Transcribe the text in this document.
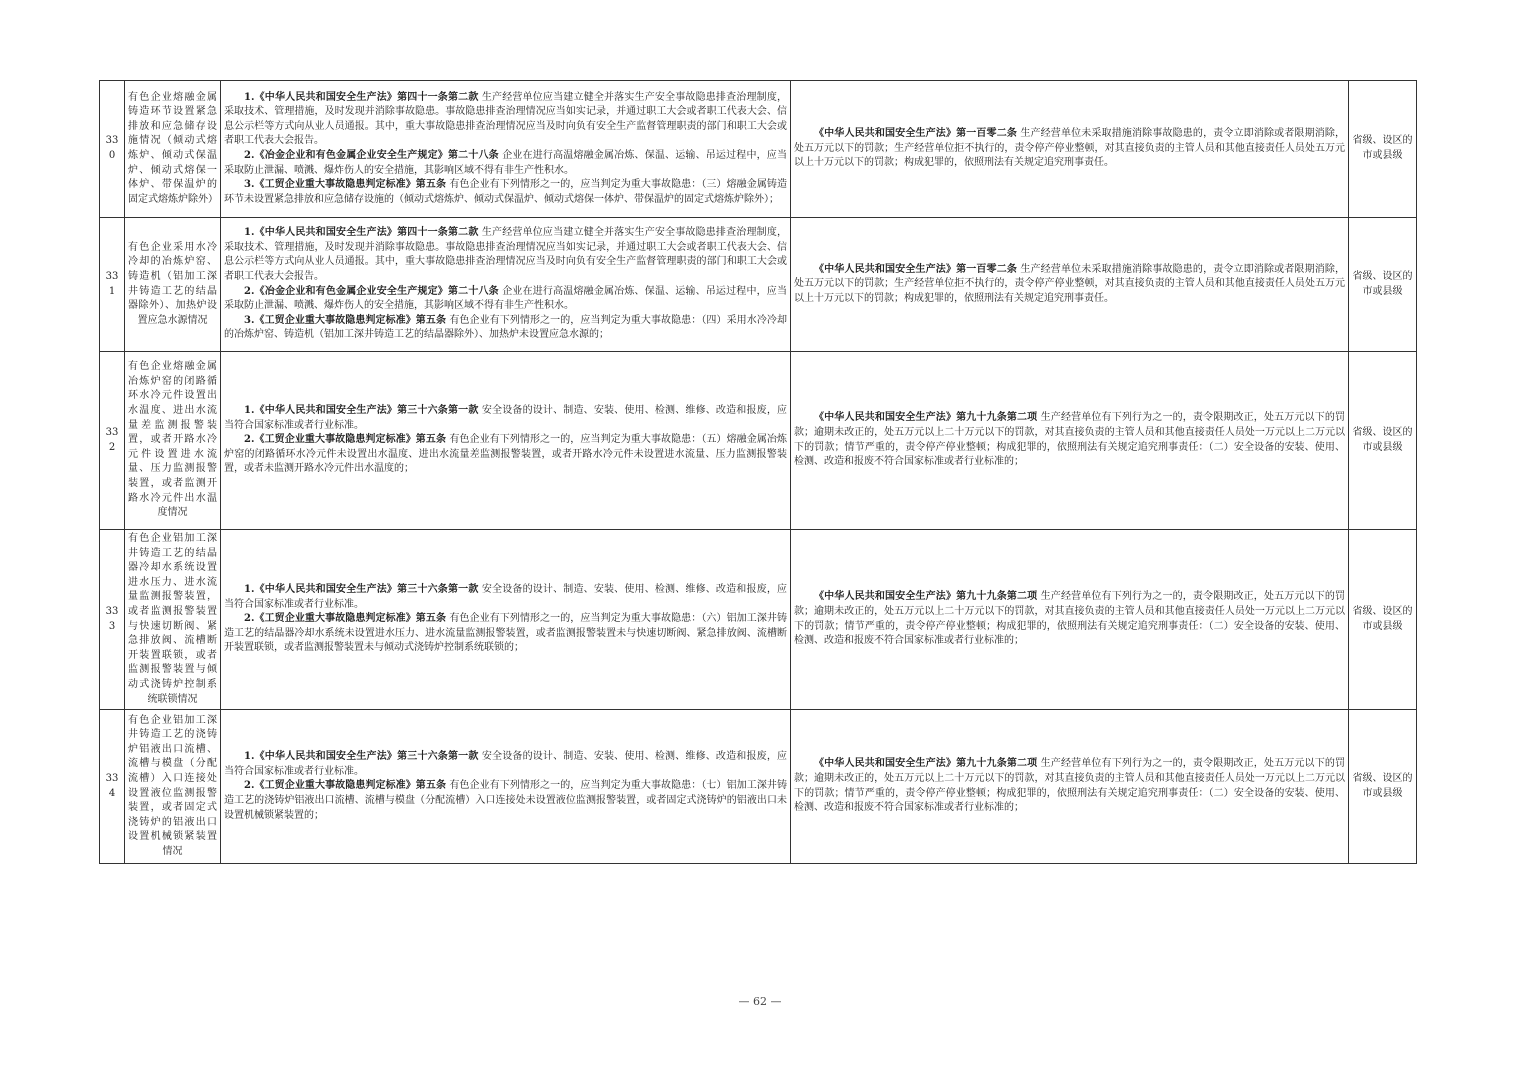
330	有色企业熔融金属铸造环节设置紧急排放和应急储存设施情况（倾动式熔炼炉、倾动式保温炉、倾动式熔保一体炉、带保温炉的固定式熔炼炉除外）	1.《中华人民共和国安全生产法》第四十一条第二款 生产经营单位应当建立健全并落实生产安全事故隐患排查治理制度，采取技术、管理措施，及时发现并消除事故隐患。事故隐患排查治理情况应当如实记录，并通过职工大会或者职工代表大会、信息公示栏等方式向从业人员通报。其中，重大事故隐患排查治理情况应当及时向负有安全生产监督管理职责的部门和职工大会或者职工代表大会报告。

2.《冶金企业和有色金属企业安全生产规定》第二十八条 企业在进行高温熔融金属冶炼、保温、运输、吊运过程中，应当采取防止泄漏、喷溅、爆炸伤人的安全措施，其影响区域不得有非生产性积水。

3.《工贸企业重大事故隐患判定标准》第五条 有色企业有下列情形之一的，应当判定为重大事故隐患：（三）熔融金属铸造环节未设置紧急排放和应急储存设施的（倾动式熔炼炉、倾动式保温炉、倾动式熔保一体炉、带保温炉的固定式熔炼炉除外）；	《中华人民共和国安全生产法》第一百零二条 生产经营单位未采取措施消除事故隐患的，责令立即消除或者限期消除，处五万元以下的罚款；生产经营单位拒不执行的，责令停产停业整顿，对其直接负责的主管人员和其他直接责任人员处五万元以上十万元以下的罚款；构成犯罪的，依照刑法有关规定追究刑事责任。	省级、设区的市或县级
331	有色企业采用水冷冷却的冶炼炉窑、铸造机（铝加工深井铸造工艺的结晶器除外）、加热炉设置应急水源情况	1.《中华人民共和国安全生产法》第四十一条第二款 生产经营单位应当建立健全并落实生产安全事故隐患排查治理制度，采取技术、管理措施，及时发现并消除事故隐患。事故隐患排查治理情况应当如实记录，并通过职工大会或者职工代表大会、信息公示栏等方式向从业人员通报。其中，重大事故隐患排查治理情况应当及时向负有安全生产监督管理职责的部门和职工大会或者职工代表大会报告。

2.《冶金企业和有色金属企业安全生产规定》第二十八条 企业在进行高温熔融金属冶炼、保温、运输、吊运过程中，应当采取防止泄漏、喷溅、爆炸伤人的安全措施，其影响区域不得有非生产性积水。

3.《工贸企业重大事故隐患判定标准》第五条 有色企业有下列情形之一的，应当判定为重大事故隐患：（四）采用水冷冷却的冶炼炉窑、铸造机（铝加工深井铸造工艺的结晶器除外）、加热炉未设置应急水源的；	《中华人民共和国安全生产法》第一百零二条 生产经营单位未采取措施消除事故隐患的，责令立即消除或者限期消除，处五万元以下的罚款；生产经营单位拒不执行的，责令停产停业整顿，对其直接负责的主管人员和其他直接责任人员处五万元以上十万元以下的罚款；构成犯罪的，依照刑法有关规定追究刑事责任。	省级、设区的市或县级
332	有色企业熔融金属冶炼炉窑的闭路循环水冷元件设置出水温度、进出水流量差监测报警装置，或者开路水冷元件设置进水流量、压力监测报警装置，或者监测开路水冷元件出水温度情况	1.《中华人民共和国安全生产法》第三十六条第一款 安全设备的设计、制造、安装、使用、检测、维修、改造和报废，应当符合国家标准或者行业标准。

2.《工贸企业重大事故隐患判定标准》第五条 有色企业有下列情形之一的，应当判定为重大事故隐患：（五）熔融金属冶炼炉窑的闭路循环水冷元件未设置出水温度、进出水流量差监测报警装置，或者开路水冷元件未设置进水流量、压力监测报警装置，或者未监测开路水冷元件出水温度的；	《中华人民共和国安全生产法》第九十九条第二项 生产经营单位有下列行为之一的，责令限期改正，处五万元以下的罚款；逾期未改正的，处五万元以上二十万元以下的罚款，对其直接负责的主管人员和其他直接责任人员处一万元以上二万元以下的罚款；情节严重的，责令停产停业整顿；构成犯罪的，依照刑法有关规定追究刑事责任：（二）安全设备的安装、使用、检测、改造和报废不符合国家标准或者行业标准的；	省级、设区的市或县级
333	有色企业铝加工深井铸造工艺的结晶器冷却水系统设置进水压力、进水流量监测报警装置，或者监测报警装置与快速切断阀、紧急排放阀、流槽断开装置联锁，或者监测报警装置与倾动式浇铸炉控制系统联锁情况	1.《中华人民共和国安全生产法》第三十六条第一款 安全设备的设计、制造、安装、使用、检测、维修、改造和报废，应当符合国家标准或者行业标准。

2.《工贸企业重大事故隐患判定标准》第五条 有色企业有下列情形之一的，应当判定为重大事故隐患：（六）铝加工深井铸造工艺的结晶器冷却水系统未设置进水压力、进水流量监测报警装置，或者监测报警装置未与快速切断阀、紧急排放阀、流槽断开装置联锁，或者监测报警装置未与倾动式浇铸炉控制系统联锁的；	《中华人民共和国安全生产法》第九十九条第二项 生产经营单位有下列行为之一的，责令限期改正，处五万元以下的罚款；逾期未改正的，处五万元以上二十万元以下的罚款，对其直接负责的主管人员和其他直接责任人员处一万元以上二万元以下的罚款；情节严重的，责令停产停业整顿；构成犯罪的，依照刑法有关规定追究刑事责任：（二）安全设备的安装、使用、检测、改造和报废不符合国家标准或者行业标准的；	省级、设区的市或县级
334	有色企业铝加工深井铸造工艺的浇铸炉铝液出口流槽、流槽与模盘（分配流槽）入口连接处设置液位监测报警装置，或者固定式浇铸炉的铝液出口设置机械锁紧装置情况	1.《中华人民共和国安全生产法》第三十六条第一款 安全设备的设计、制造、安装、使用、检测、维修、改造和报废，应当符合国家标准或者行业标准。

2.《工贸企业重大事故隐患判定标准》第五条 有色企业有下列情形之一的，应当判定为重大事故隐患：（七）铝加工深井铸造工艺的浇铸炉铝液出口流槽、流槽与模盘（分配流槽）入口连接处未设置液位监测报警装置，或者固定式浇铸炉的铝液出口未设置机械锁紧装置的；	《中华人民共和国安全生产法》第九十九条第二项 生产经营单位有下列行为之一的，责令限期改正，处五万元以下的罚款；逾期未改正的，处五万元以上二十万元以下的罚款，对其直接负责的主管人员和其他直接责任人员处一万元以上二万元以下的罚款；情节严重的，责令停产停业整顿；构成犯罪的，依照刑法有关规定追究刑事责任：（二）安全设备的安装、使用、检测、改造和报废不符合国家标准或者行业标准的；	省级、设区的市或县级
— 62 —
